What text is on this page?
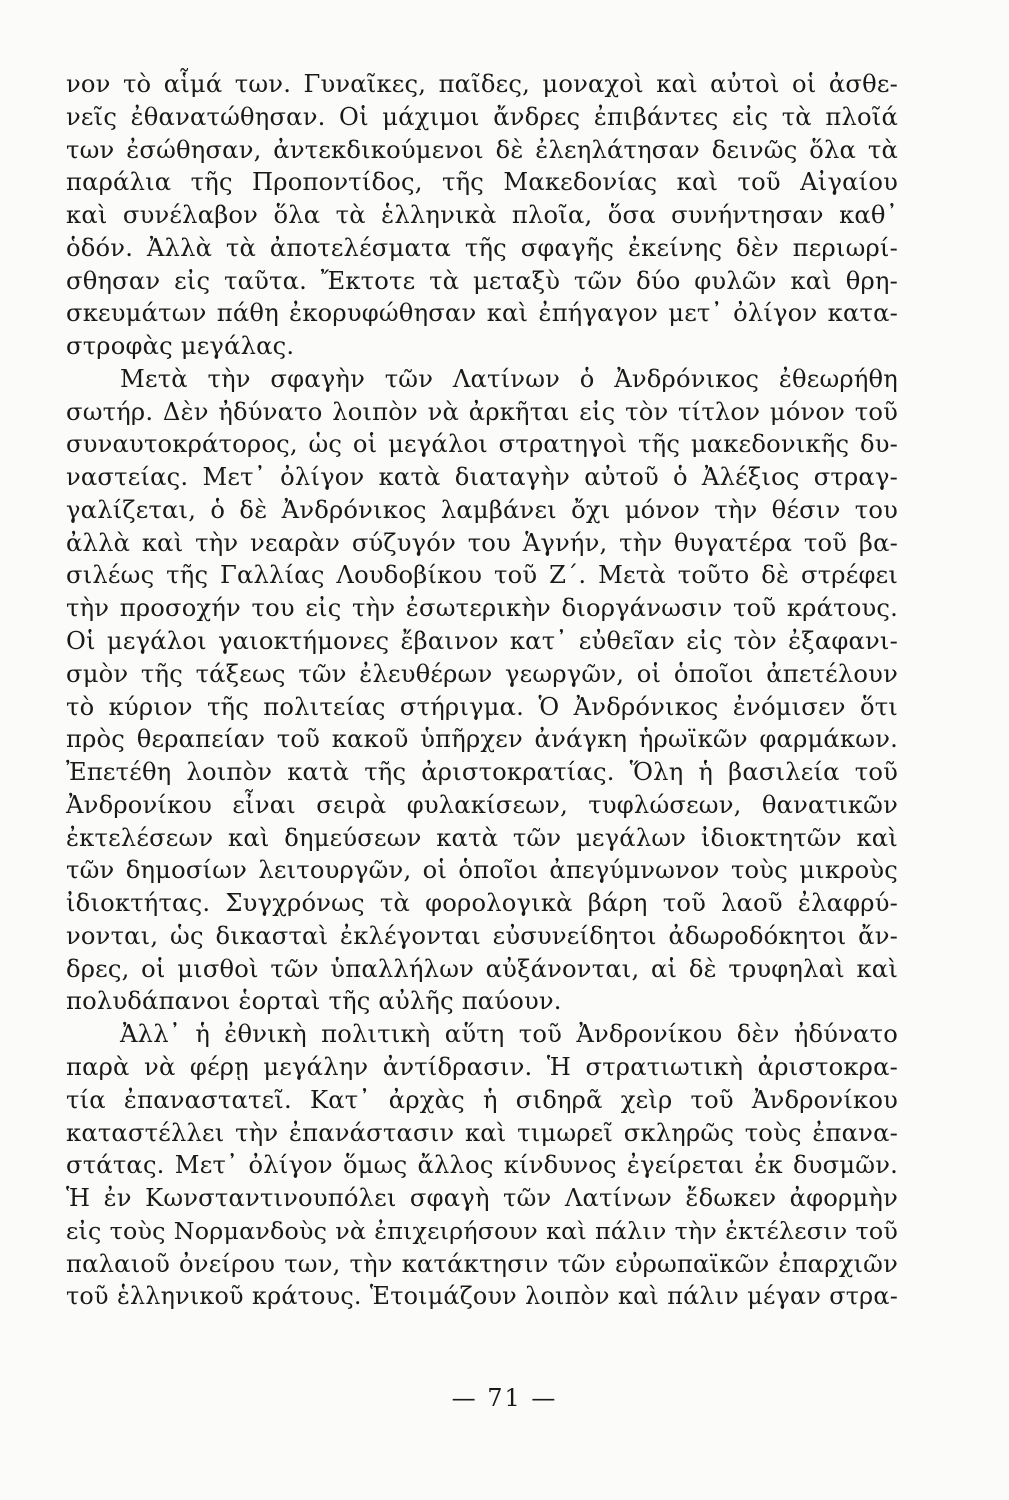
νον τὸ αἷμά των. Γυναῖκες, παῖδες, μοναχοὶ καὶ αὐτοὶ οἱ ἀσθε-
νεῖς ἐθανατώθησαν. Οἱ μάχιμοι ἄνδρες ἐπιβάντες εἰς τὰ πλοῖά
των ἐσώθησαν, ἀντεκδικούμενοι δὲ ἐλεηλάτησαν δεινῶς ὅλα τὰ
παράλια τῆς Προποντίδος, τῆς Μακεδονίας καὶ τοῦ Αἰγαίου
καὶ συνέλαβον ὅλα τὰ ἑλληνικὰ πλοῖα, ὅσα συνήντησαν καθ᾽
ὁδόν. Ἀλλὰ τὰ ἀποτελέσματα τῆς σφαγῆς ἐκείνης δὲν περιωρί-
σθησαν εἰς ταῦτα. Ἔκτοτε τὰ μεταξὺ τῶν δύο φυλῶν καὶ θρη-
σκευμάτων πάθη ἐκορυφώθησαν καὶ ἐπήγαγον μετ᾽ ὀλίγον κατα-
στροφὰς μεγάλας.
Μετὰ τὴν σφαγὴν τῶν Λατίνων ὁ Ἀνδρόνικος ἐθεωρήθη
σωτήρ. Δὲν ἠδύνατο λοιπὸν νὰ ἀρκῆται εἰς τὸν τίτλον μόνον τοῦ
συναυτοκράτορος, ὡς οἱ μεγάλοι στρατηγοὶ τῆς μακεδονικῆς δυ-
ναστείας. Μετ᾽ ὀλίγον κατὰ διαταγὴν αὐτοῦ ὁ Ἀλέξιος στραγ-
γαλίζεται, ὁ δὲ Ἀνδρόνικος λαμβάνει ὄχι μόνον τὴν θέσιν του
ἀλλὰ καὶ τὴν νεαρὰν σύζυγόν του Ἁγνήν, τὴν θυγατέρα τοῦ βα-
σιλέως τῆς Γαλλίας Λουδοβίκου τοῦ Ζ΄. Μετὰ τοῦτο δὲ στρέφει
τὴν προσοχήν του εἰς τὴν ἐσωτερικὴν διοργάνωσιν τοῦ κράτους.
Οἱ μεγάλοι γαιοκτήμονες ἔβαινον κατ᾽ εὐθεῖαν εἰς τὸν ἐξαφανι-
σμὸν τῆς τάξεως τῶν ἐλευθέρων γεωργῶν, οἱ ὁποῖοι ἀπετέλουν
τὸ κύριον τῆς πολιτείας στήριγμα. Ὁ Ἀνδρόνικος ἐνόμισεν ὅτι
πρὸς θεραπείαν τοῦ κακοῦ ὑπῆρχεν ἀνάγκη ἡρωϊκῶν φαρμάκων.
Ἐπετέθη λοιπὸν κατὰ τῆς ἀριστοκρατίας. Ὅλη ἡ βασιλεία τοῦ
Ἀνδρονίκου εἶναι σειρὰ φυλακίσεων, τυφλώσεων, θανατικῶν
ἐκτελέσεων καὶ δημεύσεων κατὰ τῶν μεγάλων ἰδιοκτητῶν καὶ
τῶν δημοσίων λειτουργῶν, οἱ ὁποῖοι ἀπεγύμνωνον τοὺς μικροὺς
ἰδιοκτήτας. Συγχρόνως τὰ φορολογικὰ βάρη τοῦ λαοῦ ἐλαφρύ-
νονται, ὡς δικασταὶ ἐκλέγονται εὐσυνείδητοι ἀδωροδόκητοι ἄν-
δρες, οἱ μισθοὶ τῶν ὑπαλλήλων αὐξάνονται, αἱ δὲ τρυφηλαὶ καὶ
πολυδάπανοι ἑορταὶ τῆς αὐλῆς παύουν.
Ἀλλ᾽ ἡ ἐθνικὴ πολιτικὴ αὕτη τοῦ Ἀνδρονίκου δὲν ἠδύνατο
παρὰ νὰ φέρῃ μεγάλην ἀντίδρασιν. Ἡ στρατιωτικὴ ἀριστοκρα-
τία ἐπαναστατεῖ. Κατ᾽ ἀρχὰς ἡ σιδηρᾶ χεὶρ τοῦ Ἀνδρονίκου
καταστέλλει τὴν ἐπανάστασιν καὶ τιμωρεῖ σκληρῶς τοὺς ἐπανα-
στάτας. Μετ᾽ ὀλίγον ὅμως ἄλλος κίνδυνος ἐγείρεται ἐκ δυσμῶν.
Ἡ ἐν Κωνσταντινουπόλει σφαγὴ τῶν Λατίνων ἔδωκεν ἀφορμὴν
εἰς τοὺς Νορμανδοὺς νὰ ἐπιχειρήσουν καὶ πάλιν τὴν ἐκτέλεσιν τοῦ
παλαιοῦ ὀνείρου των, τὴν κατάκτησιν τῶν εὐρωπαϊκῶν ἐπαρχιῶν
τοῦ ἑλληνικοῦ κράτους. Ἑτοιμάζουν λοιπὸν καὶ πάλιν μέγαν στρα-
— 71 —
